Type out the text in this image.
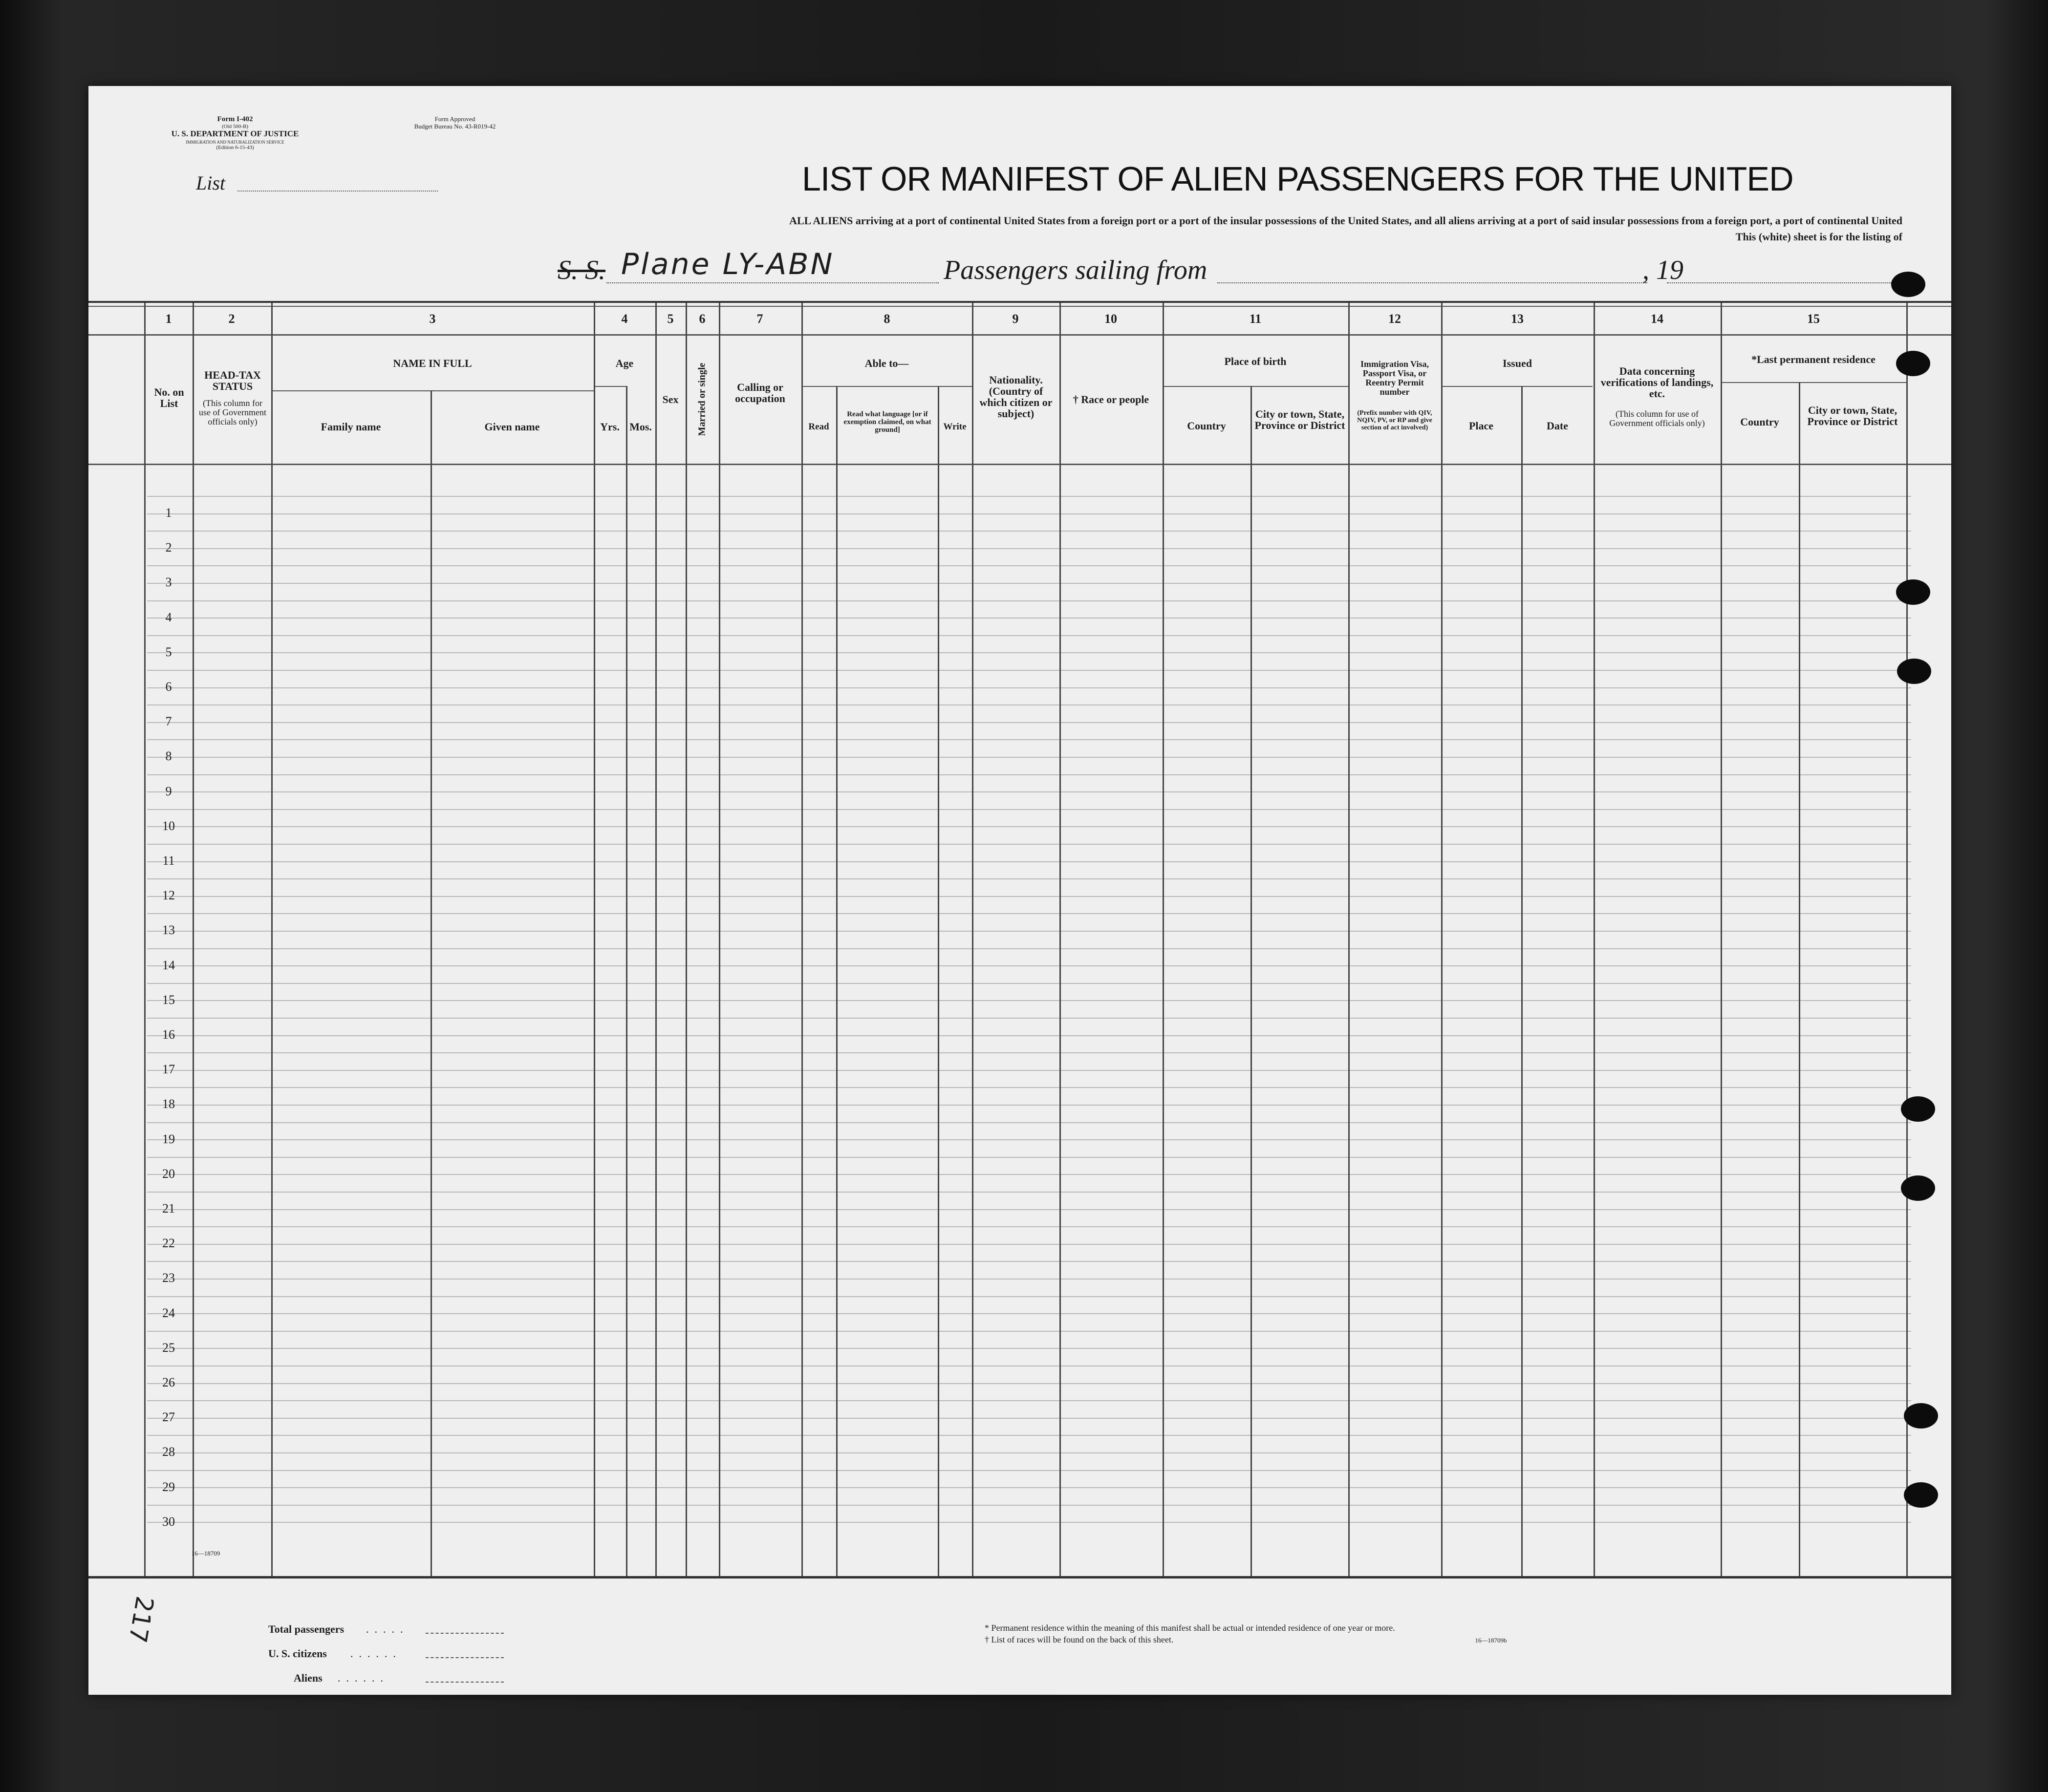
Form I-402
(Old 500-B)
U. S. DEPARTMENT OF JUSTICE
IMMIGRATION AND NATURALIZATION SERVICE
(Edition 6-15-43)
Form Approved
Budget Bureau No. 43-R019-42
List	LIST OR MANIFEST OF ALIEN PASSENGERS FOR THE UNITED
ALL ALIENS arriving at a port of continental United States from a foreign port or a port of the insular possessions of the United States, and all aliens arriving at a port of said insular possessions from a foreign port, a port of continental United
This (white) sheet is for the listing of
S. S. Plane LY-ABN	Passengers sailing from	, 19
1	2	3	4	5	6	7	8	9	10	11	12	13	14	15
No. on List
HEAD-TAX STATUS
(This column for use of Government officials only)
NAME IN FULL
Family name	Given name
Age
Yrs. Mos.
Sex	Married or single	Calling or occupation
Able to—
Read
Read what language [or if exemption claimed, on what ground]	Write
Nationality. (Country of which citizen or subject)
† Race or people
Place of birth
Country
City or town, State, Province or District
Immigration Visa, Passport Visa, or Reentry Permit number
(Prefix number with QIV, NQIV, PV, or RP and give section of act involved)
Issued
Place	Date
Data concerning verifications of landings, etc.
(This column for use of Government officials only)
*Last permanent residence
Country
City or town, State, Province or District
1
2
3
4
5
6
7
8
9
10
11
12
13
14
15
16
17
18
19
20
21
22
23
24
25
26
27
28
29
30
16—18709
217	Total passengers .....
U. S. citizens ......
Aliens ......
* Permanent residence within the meaning of this manifest shall be actual or intended residence of one year or more.
† List of races will be found on the back of this sheet.	16—18709b
